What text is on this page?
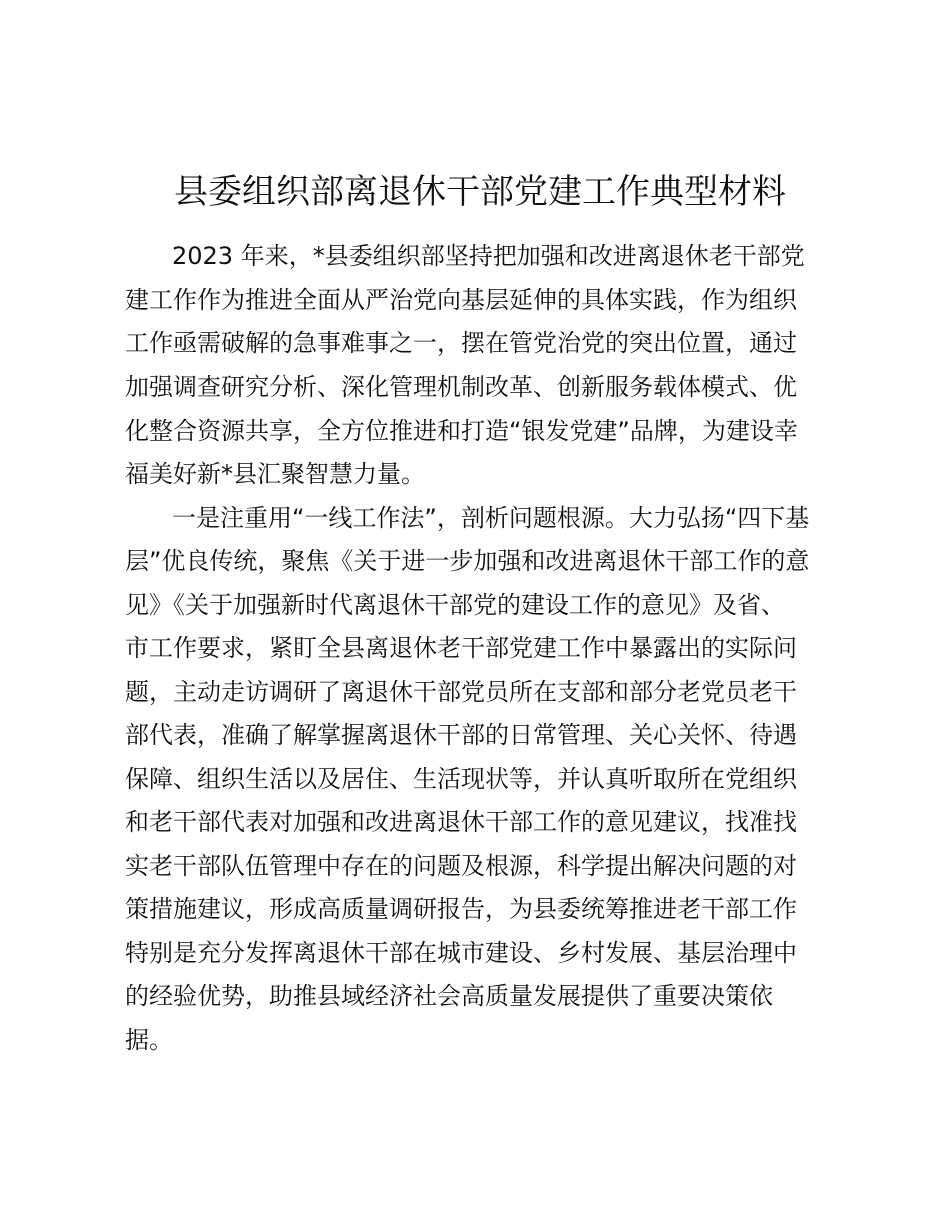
县委组织部离退休干部党建工作典型材料
2023 年来，*县委组织部坚持把加强和改进离退休老干部党
建工作作为推进全面从严治党向基层延伸的具体实践，作为组织
工作亟需破解的急事难事之一，摆在管党治党的突出位置，通过
加强调查研究分析、深化管理机制改革、创新服务载体模式、优
化整合资源共享，全方位推进和打造“银发党建”品牌，为建设幸
福美好新*县汇聚智慧力量。
一是注重用“一线工作法”，剖析问题根源。大力弘扬“四下基
层”优良传统，聚焦《关于进一步加强和改进离退休干部工作的意
见》《关于加强新时代离退休干部党的建设工作的意见》及省、
市工作要求，紧盯全县离退休老干部党建工作中暴露出的实际问
题，主动走访调研了离退休干部党员所在支部和部分老党员老干
部代表，准确了解掌握离退休干部的日常管理、关心关怀、待遇
保障、组织生活以及居住、生活现状等，并认真听取所在党组织
和老干部代表对加强和改进离退休干部工作的意见建议，找准找
实老干部队伍管理中存在的问题及根源，科学提出解决问题的对
策措施建议，形成高质量调研报告，为县委统筹推进老干部工作
特别是充分发挥离退休干部在城市建设、乡村发展、基层治理中
的经验优势，助推县域经济社会高质量发展提供了重要决策依
据。
